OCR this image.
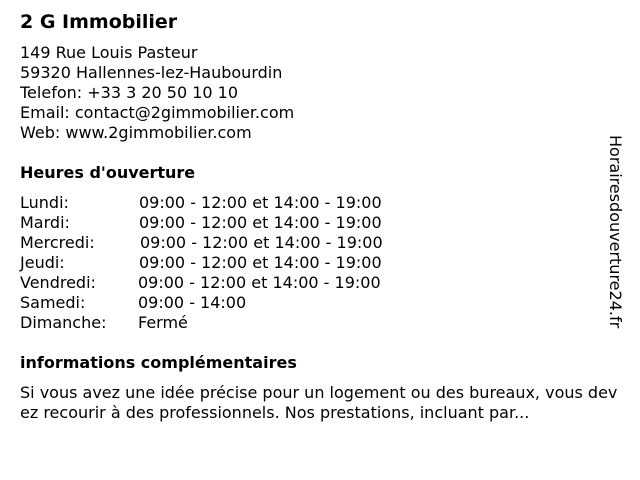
2 G Immobilier
149 Rue Louis Pasteur
59320 Hallennes-lez-Haubourdin
Telefon: +33 3 20 50 10 10
Email: contact@2gimmobilier.com
Web: www.2gimmobilier.com
Heures d'ouverture
Lundi:	09:00 - 12:00 et 14:00 - 19:00
Mardi:	09:00 - 12:00 et 14:00 - 19:00
Mercredi:	09:00 - 12:00 et 14:00 - 19:00
Jeudi:	09:00 - 12:00 et 14:00 - 19:00
Vendredi:	09:00 - 12:00 et 14:00 - 19:00
Samedi:	09:00 - 14:00
Dimanche: Fermé
informations complémentaires
Si vous avez une idée précise pour un logement ou des bureaux, vous devez recourir à des professionnels. Nos prestations, incluant par...
Horairesdouverture24.fr
